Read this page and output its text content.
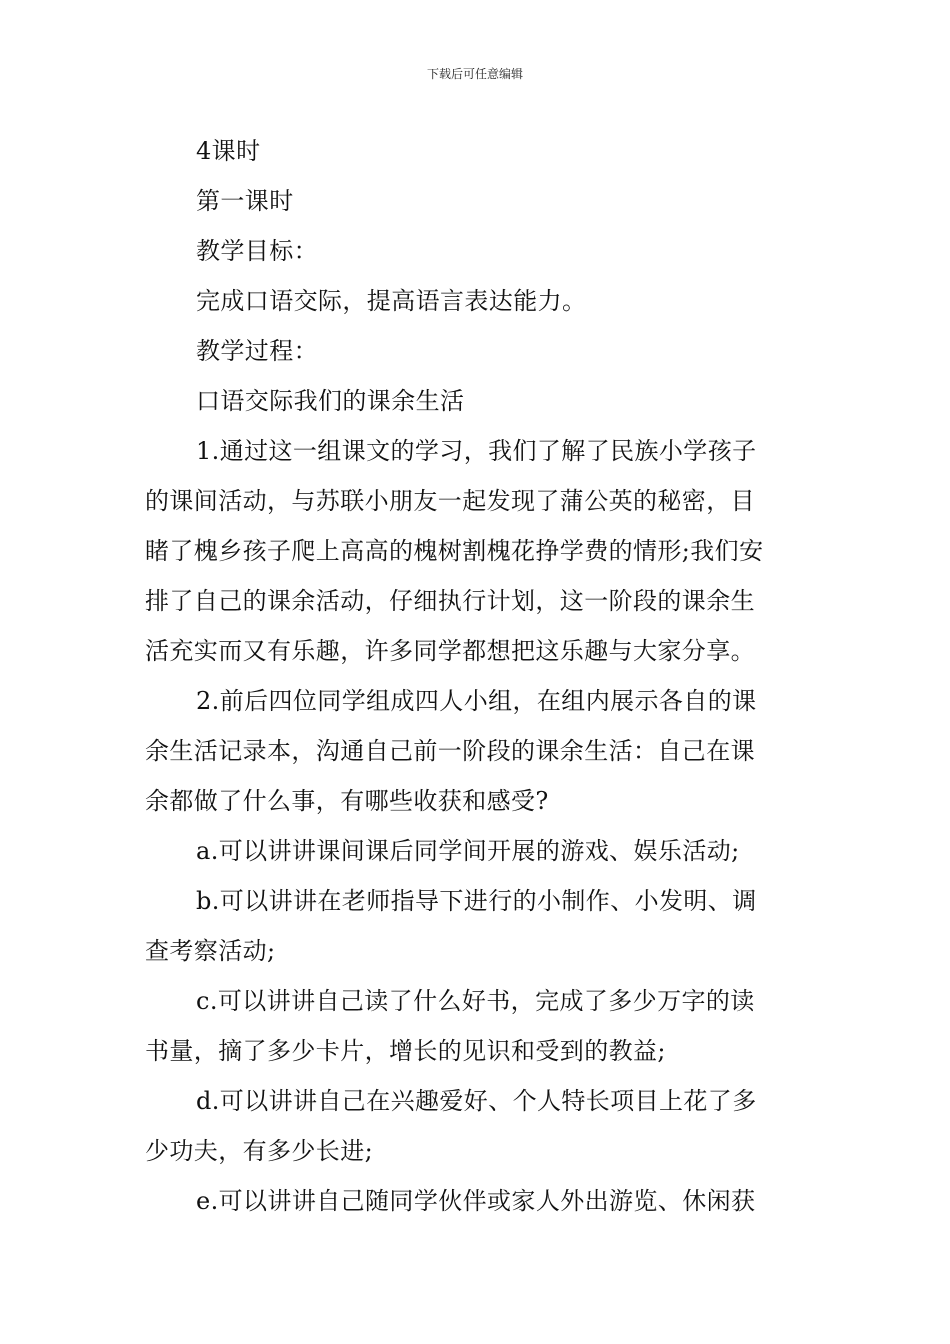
下载后可任意编辑

4课时

第一课时

教学目标：

完成口语交际，提高语言表达能力。

教学过程：

口语交际我们的课余生活

1.通过这一组课文的学习，我们了解了民族小学孩子

的课间活动，与苏联小朋友一起发现了蒲公英的秘密，目

睹了槐乡孩子爬上高高的槐树割槐花挣学费的情形;我们安

排了自己的课余活动，仔细执行计划，这一阶段的课余生

活充实而又有乐趣，许多同学都想把这乐趣与大家分享。

2.前后四位同学组成四人小组，在组内展示各自的课

余生活记录本，沟通自己前一阶段的课余生活：自己在课

余都做了什么事，有哪些收获和感受?

a.可以讲讲课间课后同学间开展的游戏、娱乐活动;

b.可以讲讲在老师指导下进行的小制作、小发明、调

查考察活动;

c.可以讲讲自己读了什么好书，完成了多少万字的读

书量，摘了多少卡片，增长的见识和受到的教益;

d.可以讲讲自己在兴趣爱好、个人特长项目上花了多

少功夫，有多少长进;

e.可以讲讲自己随同学伙伴或家人外出游览、休闲获
